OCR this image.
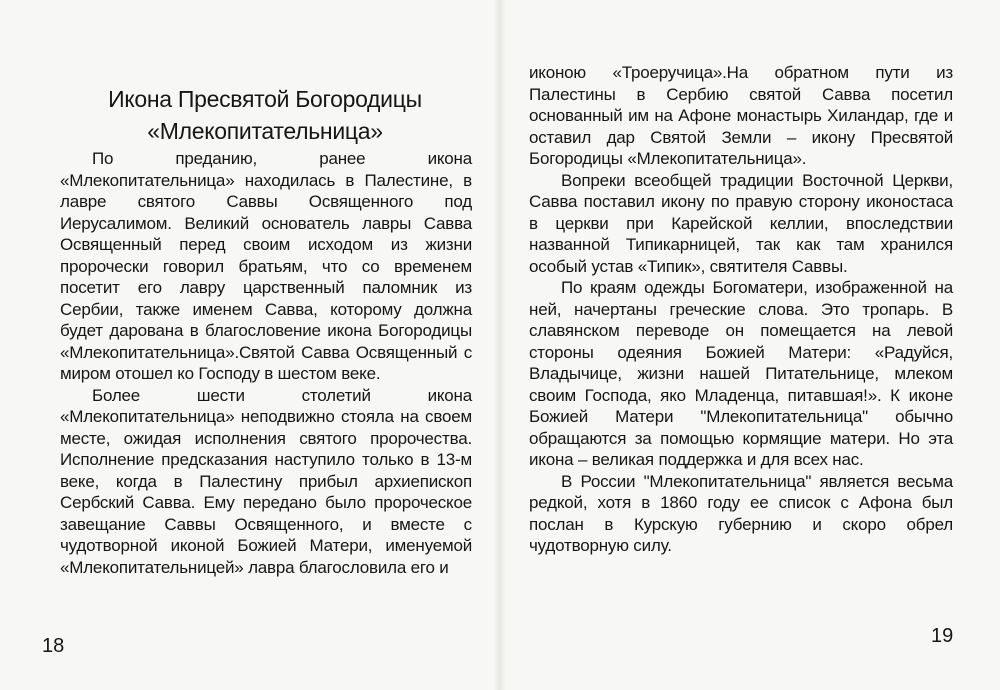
Икона Пресвятой Богородицы
«Млекопитательница»

По преданию, ранее икона «Млекопитательница» находилась в Палестине, в лавре святого Саввы Освященного под Иерусалимом. Великий основатель лавры Савва Освященный перед своим исходом из жизни пророчески говорил братьям, что со временем посетит его лавру царственный паломник из Сербии, также именем Савва, которому должна будет дарована в благословение икона Богородицы «Млекопитательница».Святой Савва Освященный с миром отошел ко Господу в шестом веке.

Более шести столетий икона «Млекопитательница» неподвижно стояла на своем месте, ожидая исполнения святого пророчества. Исполнение предсказания наступило только в 13-м веке, когда в Палестину прибыл архиепископ Сербский Савва. Ему передано было пророческое завещание Саввы Освященного, и вместе с чудотворной иконой Божией Матери, именуемой «Млекопитательницей» лавра благословила его и

18

иконою «Троеручица».На обратном пути из Палестины в Сербию святой Савва посетил основанный им на Афоне монастырь Хиландар, где и оставил дар Святой Земли – икону Пресвятой Богородицы «Млекопитательница».

Вопреки всеобщей традиции Восточной Церкви, Савва поставил икону по правую сторону иконостаса в церкви при Карейской келлии, впоследствии названной Типикарницей, так как там хранился особый устав «Типик», святителя Саввы.

По краям одежды Богоматери, изображенной на ней, начертаны греческие слова. Это тропарь. В славянском переводе он помещается на левой стороны одеяния Божией Матери: «Радуйся, Владычице, жизни нашей Питательнице, млеком своим Господа, яко Младенца, питавшая!». К иконе Божией Матери "Млекопитательница" обычно обращаются за помощью кормящие матери. Но эта икона – великая поддержка и для всех нас.

В России "Млекопитательница" является весьма редкой, хотя в 1860 году ее список с Афона был послан в Курскую губернию и скоро обрел чудотворную силу.

19
